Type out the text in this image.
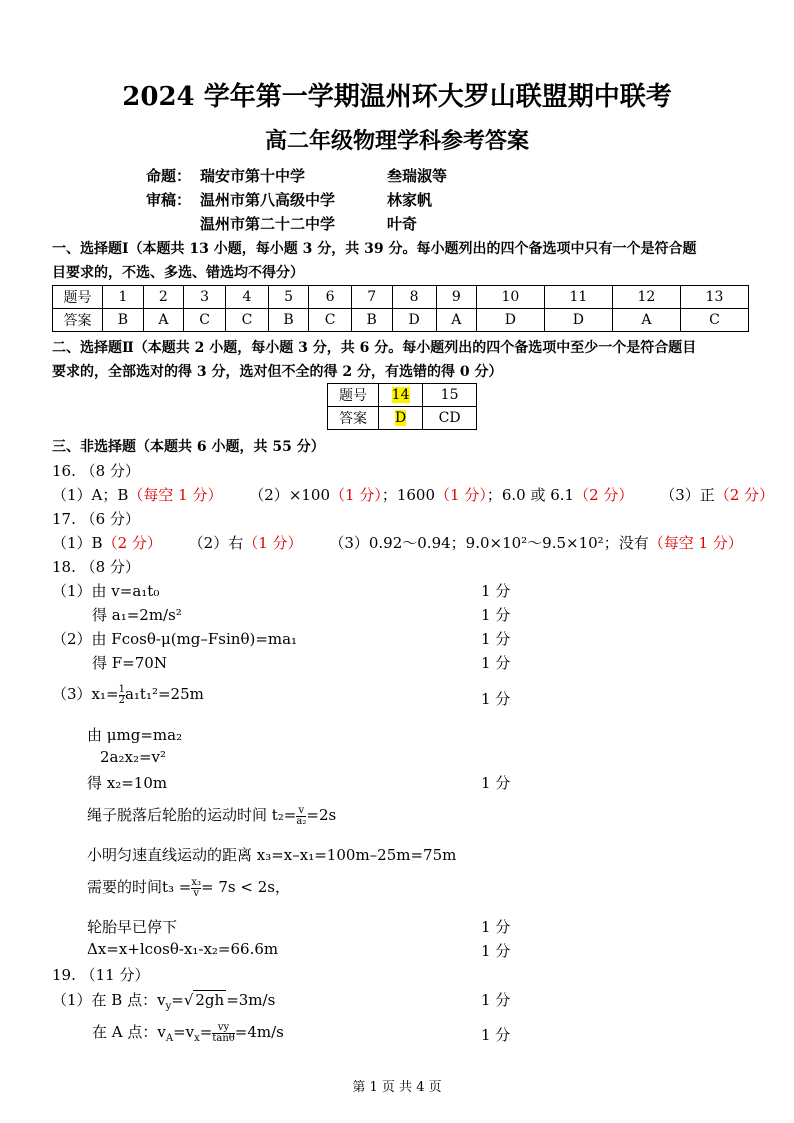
2024 学年第一学期温州环大罗山联盟期中联考
高二年级物理学科参考答案
命题： 瑞安市第十中学	叁瑞淑等
审稿： 温州市第八高级中学	林家帆
温州市第二十二中学	叶奇
一、选择题Ⅰ（本题共 13 小题，每小题 3 分，共 39 分。每小题列出的四个备选项中只有一个是符合题
目要求的，不选、多选、错选均不得分）
题号	1	2	3	4	5	6	7	8	9	10	11	12	13
答案	B	A	C	C	B	C	B	D	A	D	D	A	C
二、选择题Ⅱ（本题共 2 小题，每小题 3 分，共 6 分。每小题列出的四个备选项中至少一个是符合题目
要求的，全部选对的得 3 分，选对但不全的得 2 分，有选错的得 0 分）
题号	14	15
答案	D	CD
三、非选择题（本题共 6 小题，共 55 分）
16. （8 分）
（1）A；B（每空 1 分） （2）×100（1 分）；1600（1 分）；6.0 或 6.1（2 分） （3）正（2 分）
17. （6 分）
（1）B（2 分） （2）右（1 分） （3）0.92～0.94；9.0×10²～9.5×10²；没有（每空 1 分）
18. （8 分）
（1）由 v=a₁t₀	1 分
得 a₁=2m/s²	1 分
（2）由 Fcosθ-μ(mg–Fsinθ)=ma₁	1 分
得 F=70N	1 分
$(3)x_1= \frac{1}{2} a_1t_1^2=25m$	1 分
由 μmg=ma₂
2a₂x₂=v²
得 x₂=10m	1 分
绳子脱落后轮胎的运动时间 $t_2= \frac{v}{\text{a₂}} =2s$
小明匀速直线运动的距离 x₃=x–x₁=100m–25m=75m
需要的时间$t_3 = \frac{\text{x₃}}{v} = 7s < 2s$，
轮胎早已停下	1 分
Δx=x+lcosθ-x₁-x₂=66.6m	1 分
19. （11 分）
（1）在 B 点：$v_y=√$ 2gh =3m/s	1 分
在 A 点：$v_A=v_x= \frac{vy}{\tan\theta} =4m/s$	1 分
第 1 页 共 4 页
